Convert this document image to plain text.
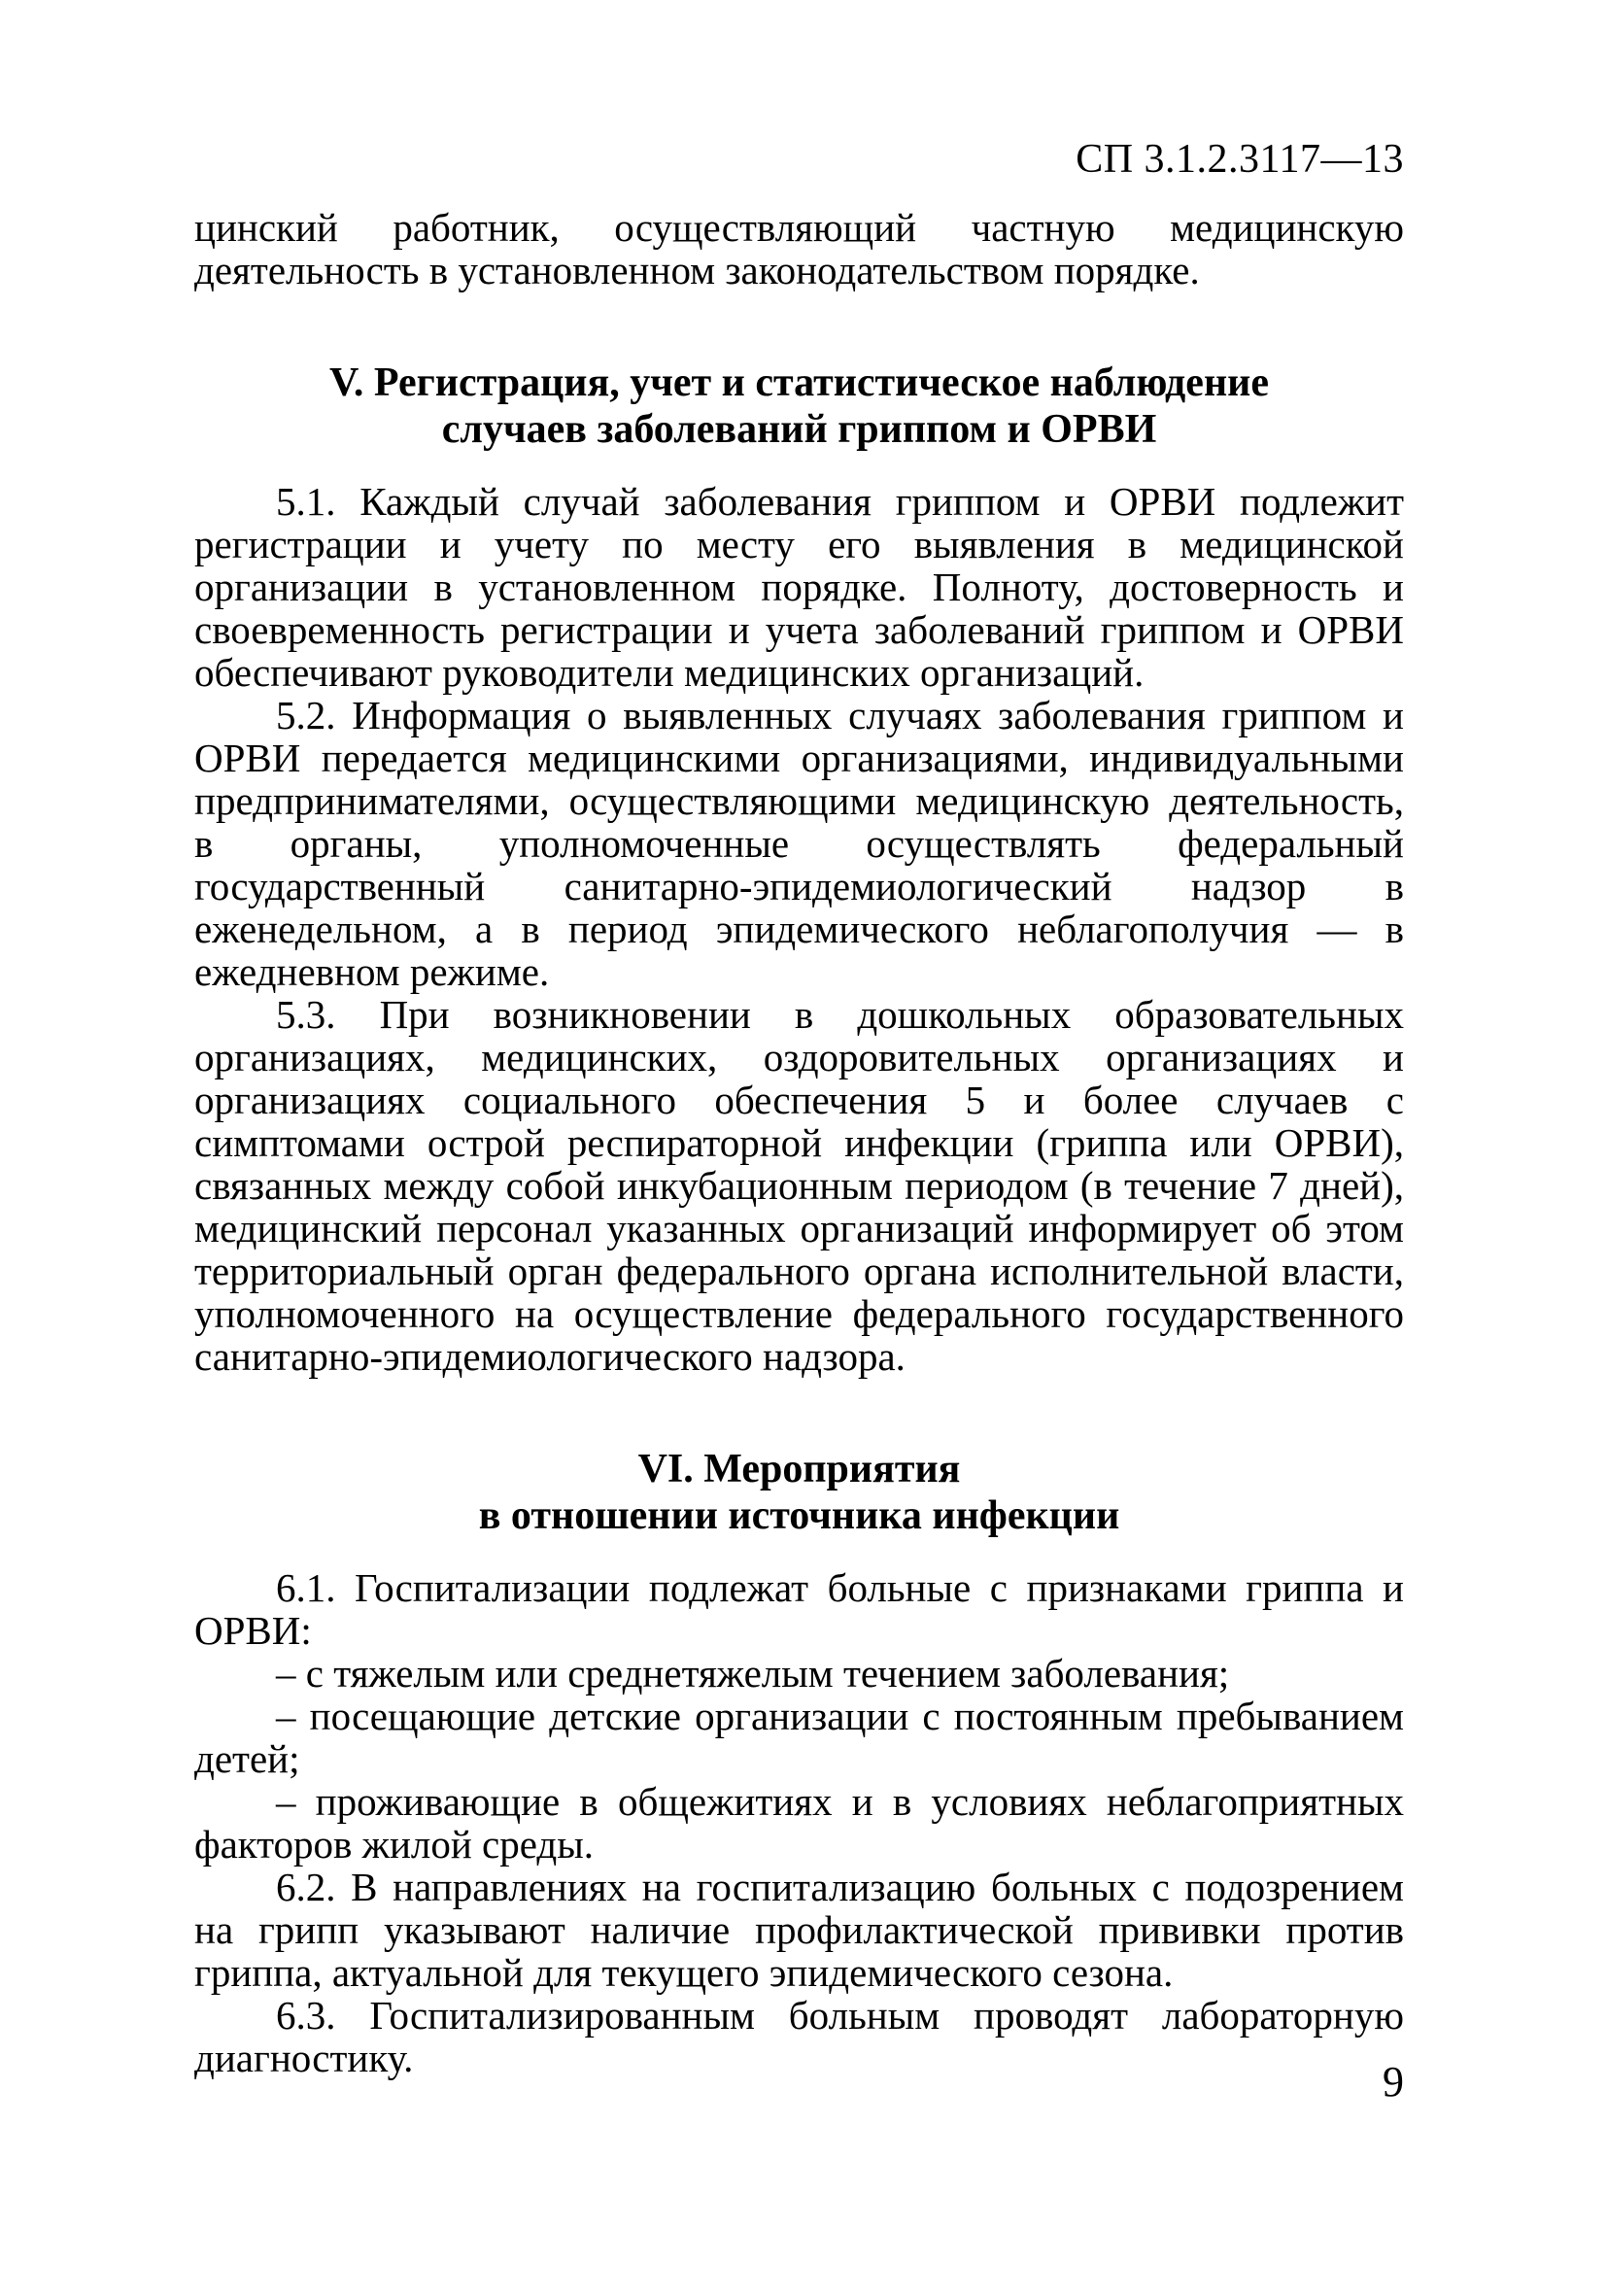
СП 3.1.2.3117—13

цинский работник, осуществляющий частную медицинскую деятельность в установленном законодательством порядке.

V. Регистрация, учет и статистическое наблюдение

случаев заболеваний гриппом и ОРВИ

5.1. Каждый случай заболевания гриппом и ОРВИ подлежит регистрации и учету по месту его выявления в медицинской организации в установленном порядке. Полноту, достоверность и своевременность регистрации и учета заболеваний гриппом и ОРВИ обеспечивают руководители медицинских организаций.

5.2. Информация о выявленных случаях заболевания гриппом и ОРВИ передается медицинскими организациями, индивидуальными предпринимателями, осуществляющими медицинскую деятельность, в органы, уполномоченные осуществлять федеральный государственный санитарно-эпидемиологический надзор в еженедельном, а в период эпидемического неблагополучия — в ежедневном режиме.

5.3. При возникновении в дошкольных образовательных организациях, медицинских, оздоровительных организациях и организациях социального обеспечения 5 и более случаев с симптомами острой респираторной инфекции (гриппа или ОРВИ), связанных между собой инкубационным периодом (в течение 7 дней), медицинский персонал указанных организаций информирует об этом территориальный орган федерального органа исполнительной власти, уполномоченного на осуществление федерального государственного санитарно-эпидемиологического надзора.

VI. Мероприятия

в отношении источника инфекции

6.1. Госпитализации подлежат больные с признаками гриппа и ОРВИ:

– с тяжелым или среднетяжелым течением заболевания;

– посещающие детские организации с постоянным пребыванием детей;

– проживающие в общежитиях и в условиях неблагоприятных факторов жилой среды.

6.2. В направлениях на госпитализацию больных с подозрением на грипп указывают наличие профилактической прививки против гриппа, актуальной для текущего эпидемического сезона.

6.3. Госпитализированным больным проводят лабораторную диагностику.	9
